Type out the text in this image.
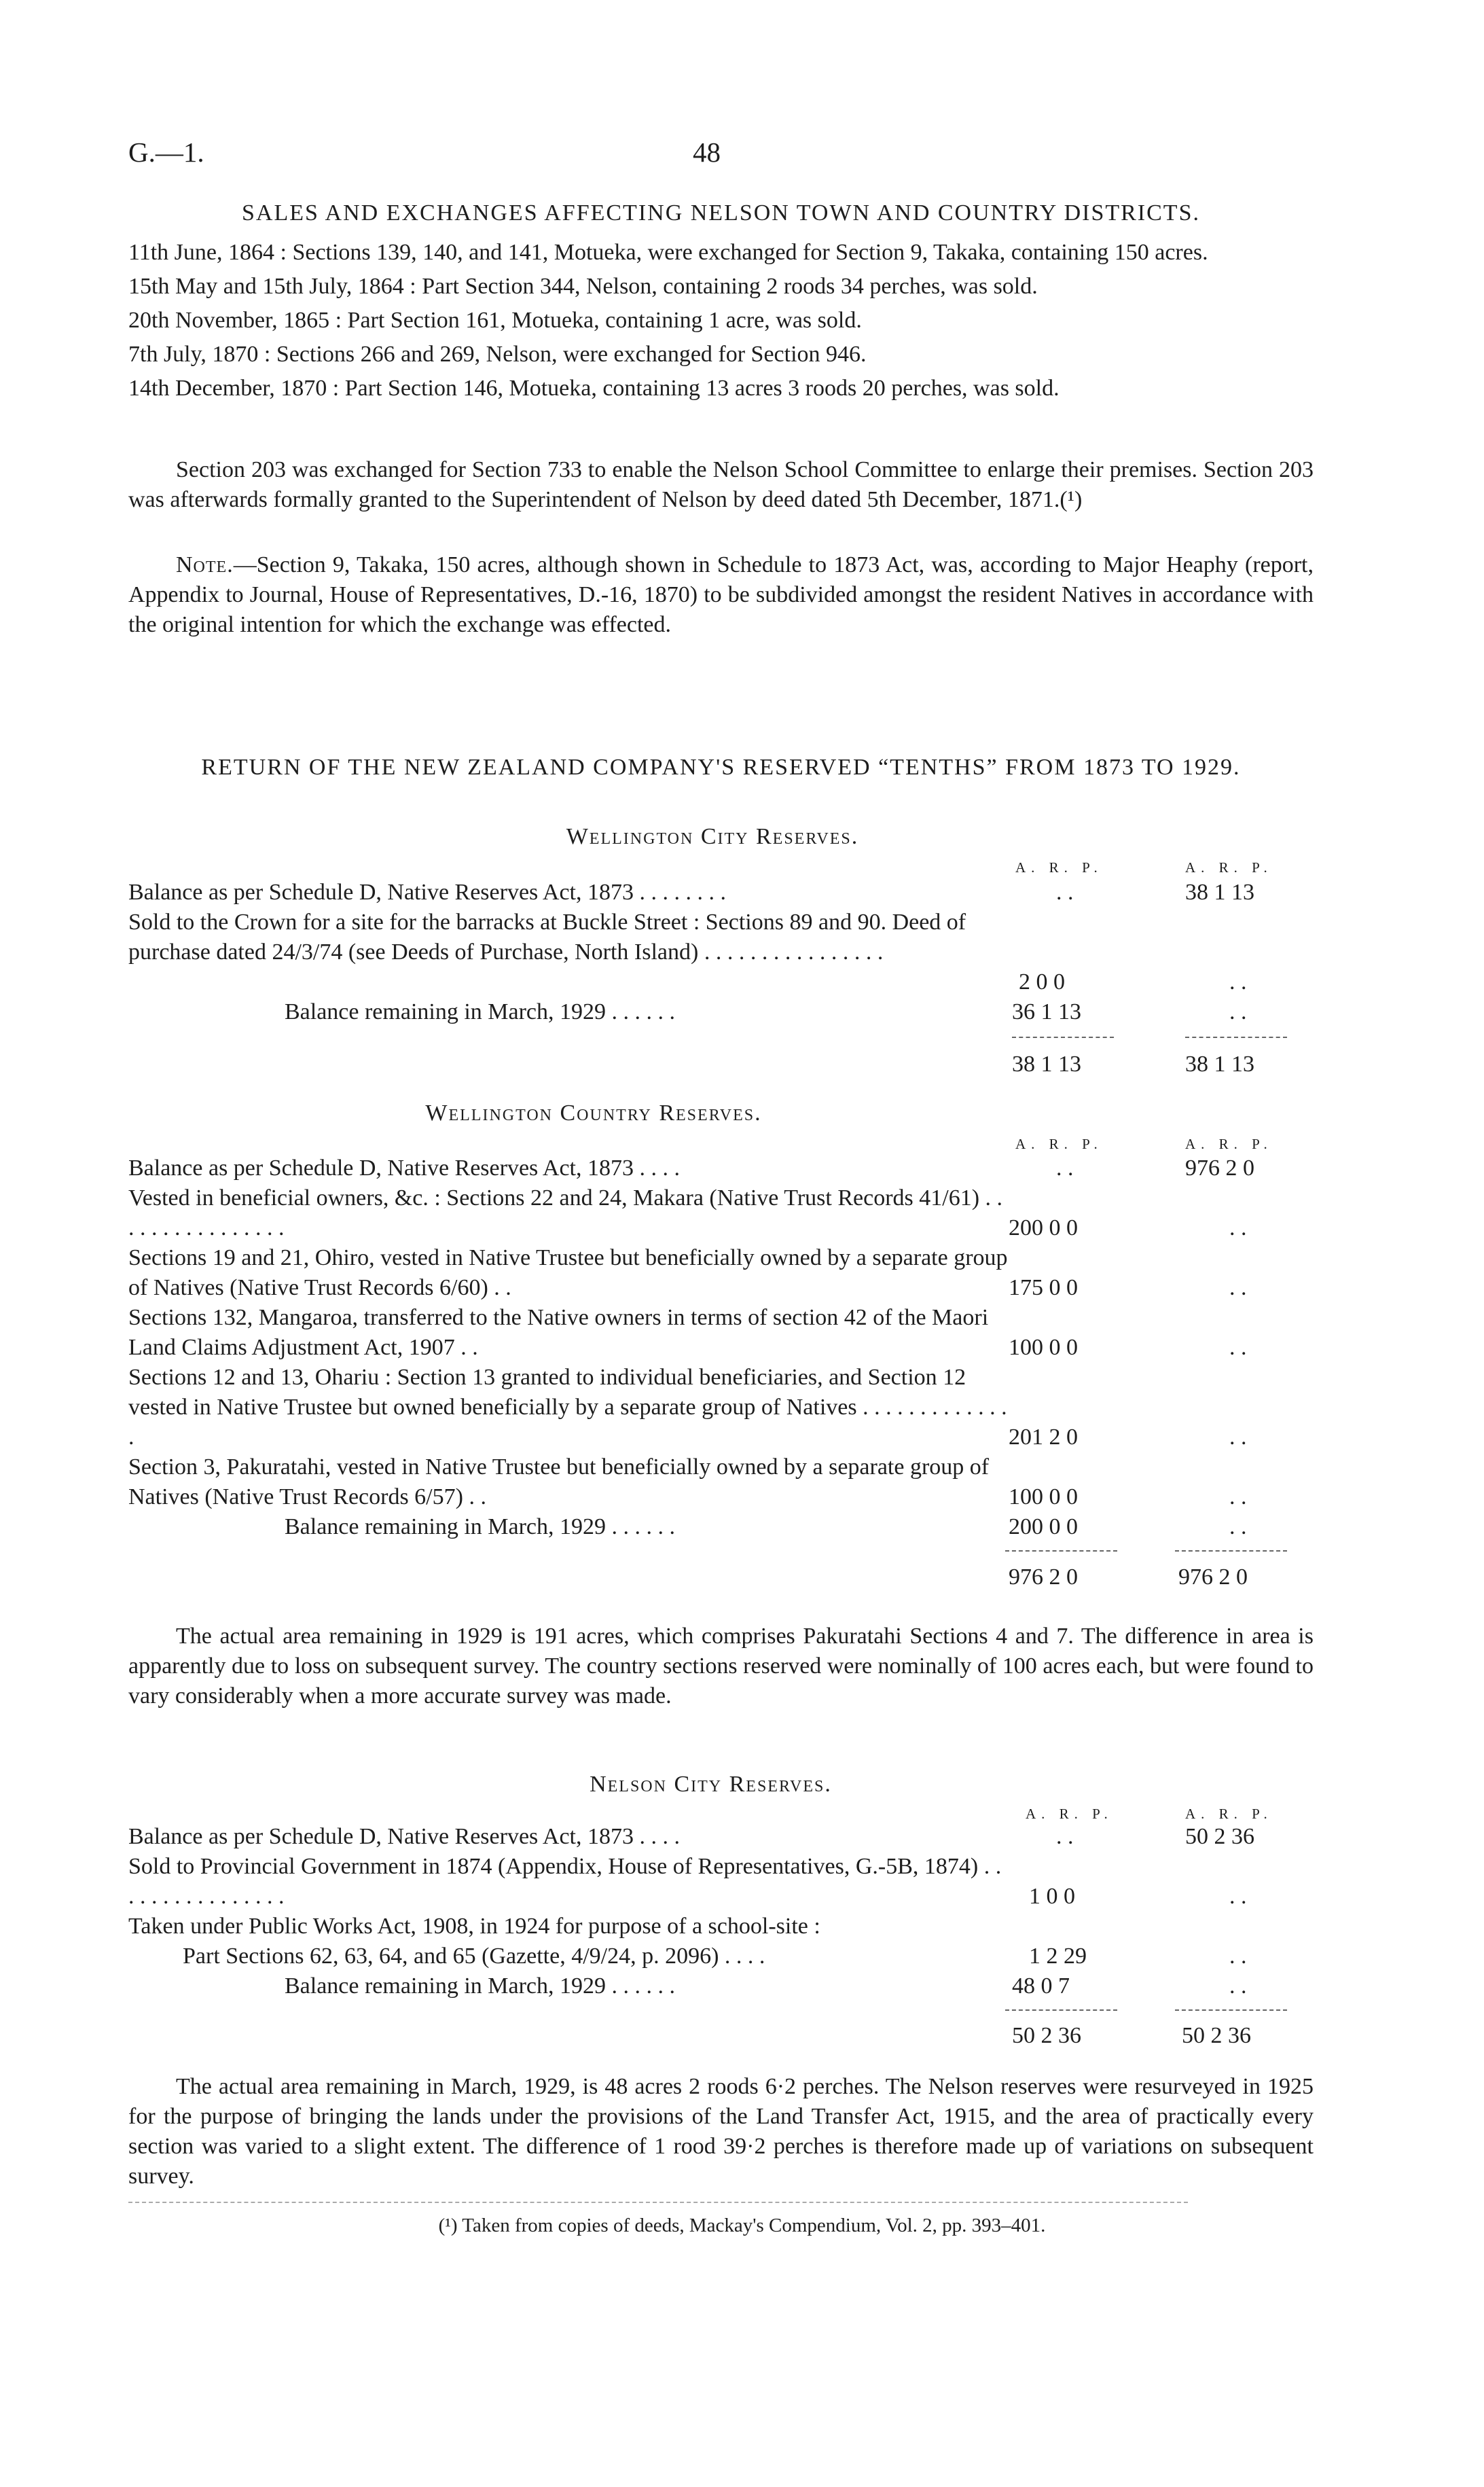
G.—1.	48
SALES AND EXCHANGES AFFECTING NELSON TOWN AND COUNTRY DISTRICTS.
11th June, 1864 : Sections 139, 140, and 141, Motueka, were exchanged for Section 9, Takaka, containing 150 acres.
15th May and 15th July, 1864 : Part Section 344, Nelson, containing 2 roods 34 perches, was sold.
20th November, 1865 : Part Section 161, Motueka, containing 1 acre, was sold.
7th July, 1870 : Sections 266 and 269, Nelson, were exchanged for Section 946.
14th December, 1870 : Part Section 146, Motueka, containing 13 acres 3 roods 20 perches, was sold.
Section 203 was exchanged for Section 733 to enable the Nelson School Committee to enlarge their premises. Section 203 was afterwards formally granted to the Superintendent of Nelson by deed dated 5th December, 1871.(¹)
Note.—Section 9, Takaka, 150 acres, although shown in Schedule to 1873 Act, was, according to Major Heaphy (report, Appendix to Journal, House of Representatives, D.-16, 1870) to be subdivided amongst the resident Natives in accordance with the original intention for which the exchange was effected.
RETURN OF THE NEW ZEALAND COMPANY'S RESERVED “TENTHS” FROM 1873 TO 1929.
Wellington City Reserves.
A. R. P.	A. R. P.
Balance as per Schedule D, Native Reserves Act, 1873 . . . . . . . .	. .	38 1 13
Sold to the Crown for a site for the barracks at Buckle Street : Sections 89 and 90. Deed of purchase dated 24/3/74 (see Deeds of Purchase, North Island) . . . . . . . . . . . . . . . .
2 0 0	. .
Balance remaining in March, 1929 . . . . . .	36 1 13	. .
38 1 13	38 1 13
Wellington Country Reserves.
A. R. P.	A. R. P.
Balance as per Schedule D, Native Reserves Act, 1873 . . . .	. .	976 2 0
Vested in beneficial owners, &c. : Sections 22 and 24, Makara (Native Trust Records 41/61) . . . . . . . . . . . . . . . .	200 0 0	. .
Sections 19 and 21, Ohiro, vested in Native Trustee but beneficially owned by a separate group of Natives (Native Trust Records 6/60) . .	175 0 0	. .
Sections 132, Mangaroa, transferred to the Native owners in terms of section 42 of the Maori Land Claims Adjustment Act, 1907 . .	100 0 0	. .
Sections 12 and 13, Ohariu : Section 13 granted to individual beneficiaries, and Section 12 vested in Native Trustee but owned beneficially by a separate group of Natives . . . . . . . . . . . . . .	201 2 0	. .
Section 3, Pakuratahi, vested in Native Trustee but beneficially owned by a separate group of Natives (Native Trust Records 6/57) . .	100 0 0	. .
Balance remaining in March, 1929 . . . . . .	200 0 0	. .
976 2 0	976 2 0
The actual area remaining in 1929 is 191 acres, which comprises Pakuratahi Sections 4 and 7. The difference in area is apparently due to loss on subsequent survey. The country sections reserved were nominally of 100 acres each, but were found to vary considerably when a more accurate survey was made.
Nelson City Reserves.
A. R. P.	A. R. P.
Balance as per Schedule D, Native Reserves Act, 1873 . . . .	. .	50 2 36
Sold to Provincial Government in 1874 (Appendix, House of Representatives, G.-5B, 1874) . . . . . . . . . . . . . . . .	1 0 0	. .
Taken under Public Works Act, 1908, in 1924 for purpose of a school-site :
Part Sections 62, 63, 64, and 65 (Gazette, 4/9/24, p. 2096) . . . .	1 2 29	. .
Balance remaining in March, 1929 . . . . . .	48 0 7	. .
50 2 36	50 2 36
The actual area remaining in March, 1929, is 48 acres 2 roods 6·2 perches. The Nelson reserves were resurveyed in 1925 for the purpose of bringing the lands under the provisions of the Land Transfer Act, 1915, and the area of practically every section was varied to a slight extent. The difference of 1 rood 39·2 perches is therefore made up of variations on subsequent survey.
(¹) Taken from copies of deeds, Mackay's Compendium, Vol. 2, pp. 393–401.
